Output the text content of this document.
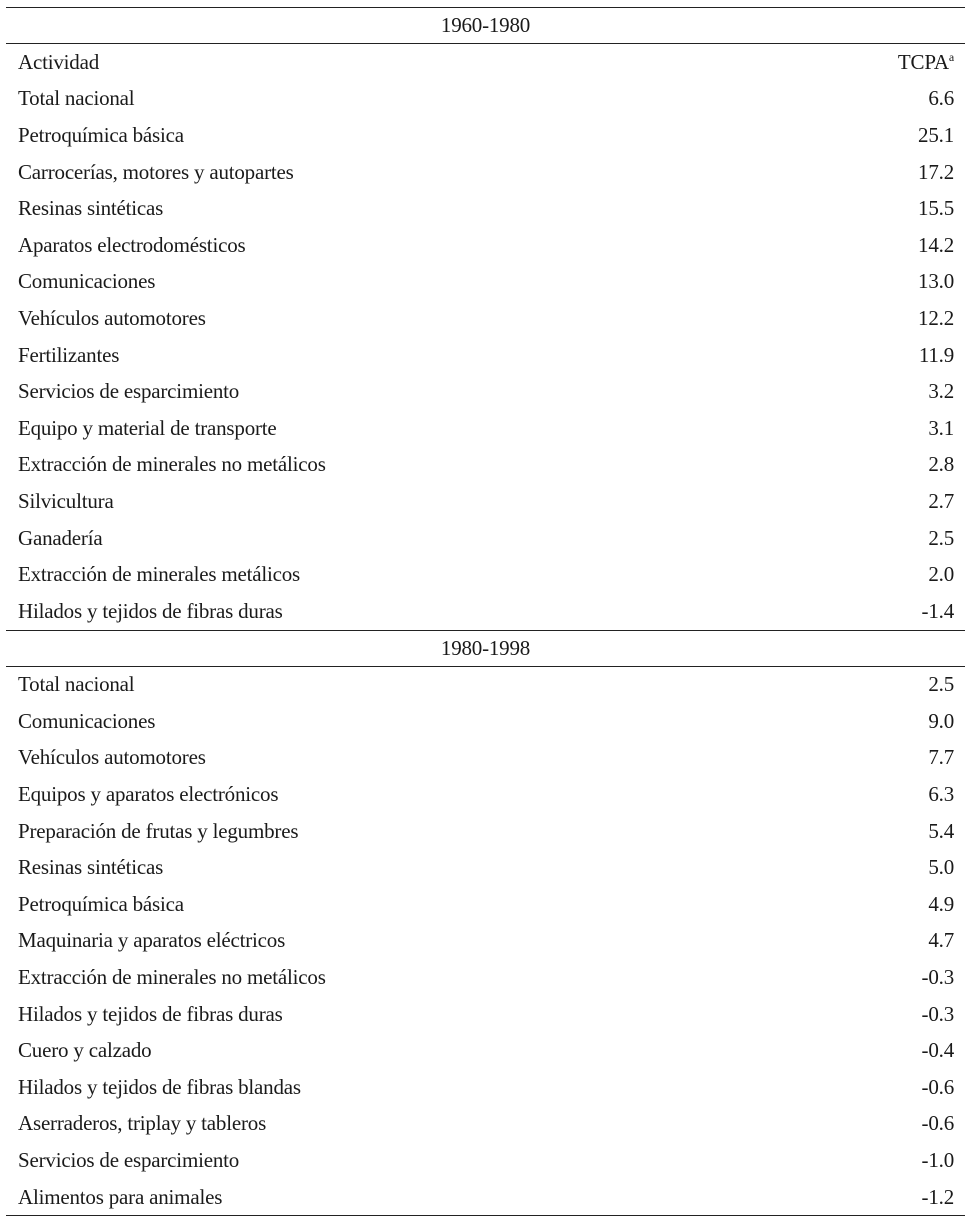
1960-1980
Actividad	TCPA$^a$
Total nacional	6.6
Petroquímica básica	25.1
Carrocerías, motores y autopartes	17.2
Resinas sintéticas	15.5
Aparatos electrodomésticos	14.2
Comunicaciones	13.0
Vehículos automotores	12.2
Fertilizantes	11.9
Servicios de esparcimiento	3.2
Equipo y material de transporte	3.1
Extracción de minerales no metálicos	2.8
Silvicultura	2.7
Ganadería	2.5
Extracción de minerales metálicos	2.0
Hilados y tejidos de fibras duras	-1.4
1980-1998
Total nacional	2.5
Comunicaciones	9.0
Vehículos automotores	7.7
Equipos y aparatos electrónicos	6.3
Preparación de frutas y legumbres	5.4
Resinas sintéticas	5.0
Petroquímica básica	4.9
Maquinaria y aparatos eléctricos	4.7
Extracción de minerales no metálicos	-0.3
Hilados y tejidos de fibras duras	-0.3
Cuero y calzado	-0.4
Hilados y tejidos de fibras blandas	-0.6
Aserraderos, triplay y tableros	-0.6
Servicios de esparcimiento	-1.0
Alimentos para animales	-1.2
